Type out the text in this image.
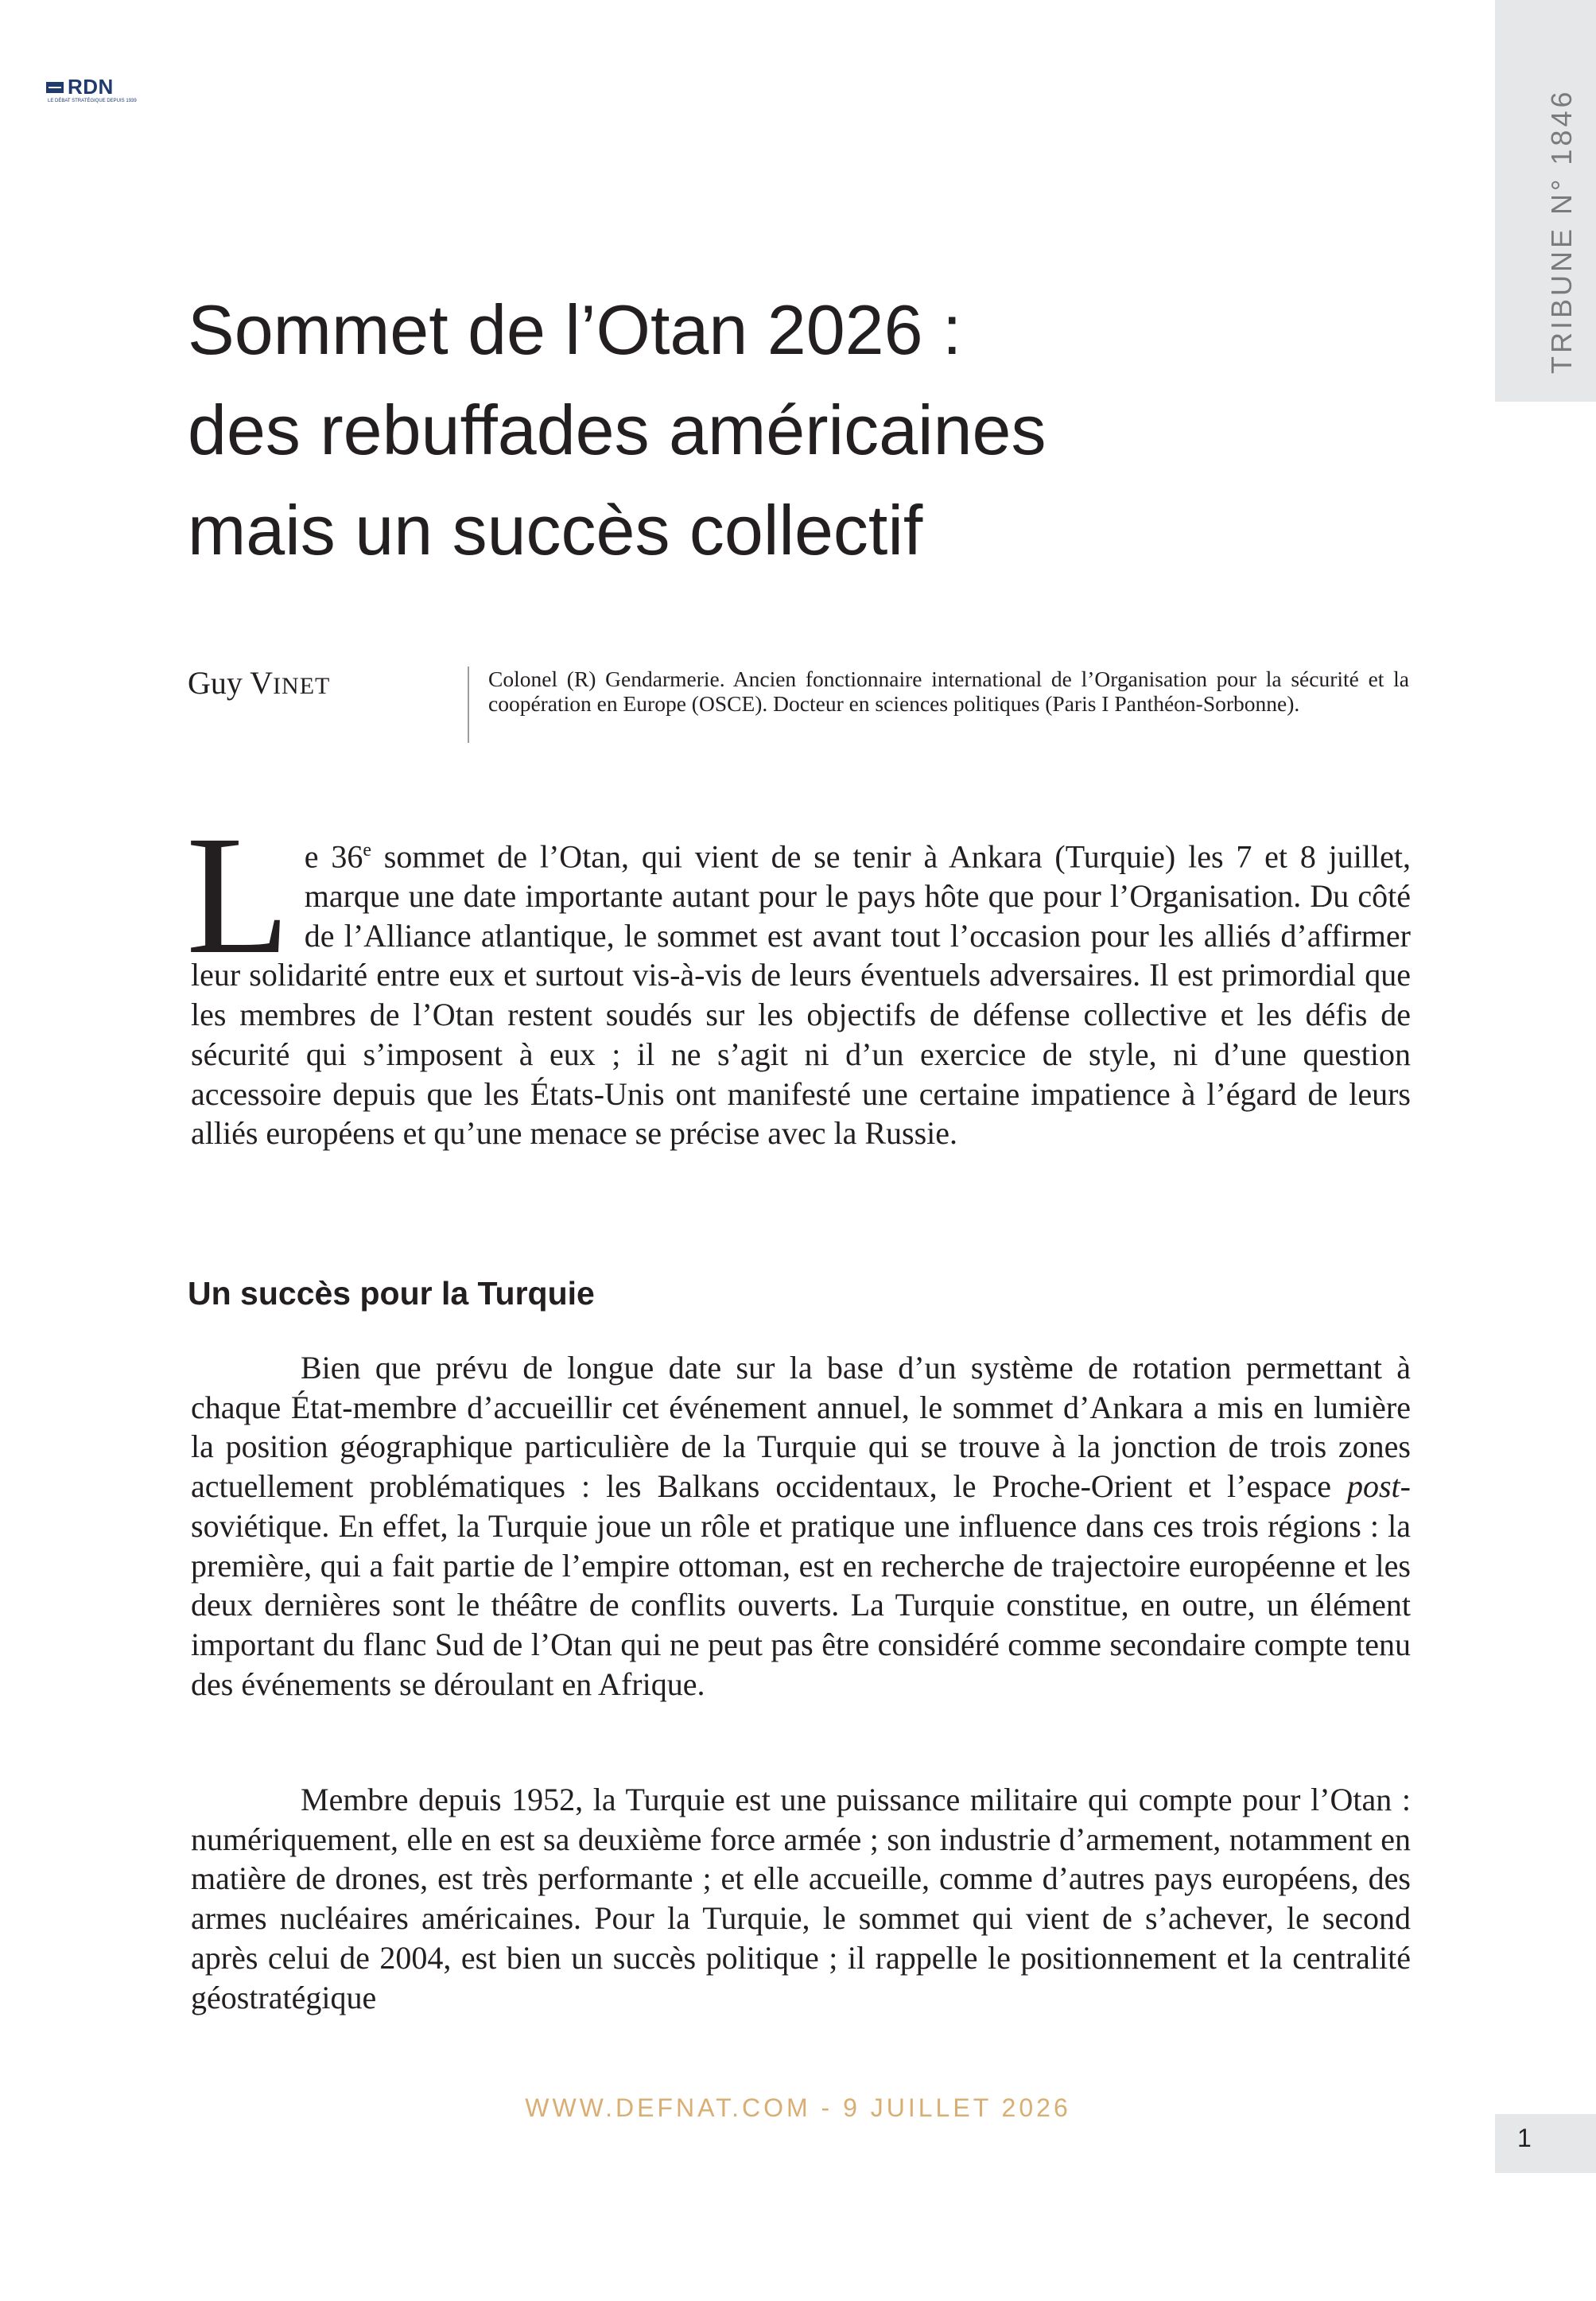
RDN
LE DÉBAT STRATÉGIQUE DEPUIS 1939	TRIBUNE N° 1846
Sommet de l’Otan 2026 :
des rebuffades américaines
mais un succès collectif
Guy VINET	Colonel (R) Gendarmerie. Ancien fonctionnaire international de l’Organisation pour la sécurité et la coopération en Europe (OSCE). Docteur en sciences politiques (Paris I Panthéon-Sorbonne).

Le 36e sommet de l’Otan, qui vient de se tenir à Ankara (Turquie) les 7 et 8 juillet, marque une date importante autant pour le pays hôte que pour l’Organisation. Du côté de l’Alliance atlantique, le sommet est avant tout l’occasion pour les alliés d’affirmer leur solidarité entre eux et surtout vis-à-vis de leurs éventuels adversaires. Il est primordial que les membres de l’Otan restent soudés sur les objectifs de défense collective et les défis de sécurité qui s’imposent à eux ; il ne s’agit ni d’un exercice de style, ni d’une question accessoire depuis que les États-Unis ont manifesté une certaine impatience à l’égard de leurs alliés européens et qu’une menace se précise avec la Russie.

Un succès pour la Turquie

Bien que prévu de longue date sur la base d’un système de rotation permettant à chaque État-membre d’accueillir cet événement annuel, le sommet d’Ankara a mis en lumière la position géographique particulière de la Turquie qui se trouve à la jonction de trois zones actuellement problématiques : les Balkans occidentaux, le Proche-Orient et l’espace post-soviétique. En effet, la Turquie joue un rôle et pratique une influence dans ces trois régions : la première, qui a fait partie de l’empire ottoman, est en recherche de trajectoire européenne et les deux dernières sont le théâtre de conflits ouverts. La Turquie constitue, en outre, un élément important du flanc Sud de l’Otan qui ne peut pas être considéré comme secondaire compte tenu des événements se déroulant en Afrique.

Membre depuis 1952, la Turquie est une puissance militaire qui compte pour l’Otan : numériquement, elle en est sa deuxième force armée ; son industrie d’armement, notamment en matière de drones, est très performante ; et elle accueille, comme d’autres pays européens, des armes nucléaires américaines. Pour la Turquie, le sommet qui vient de s’achever, le second après celui de 2004, est bien un succès politique ; il rappelle le positionnement et la centralité géostratégique

WWW.DEFNAT.COM - 9 JUILLET 2026
1
